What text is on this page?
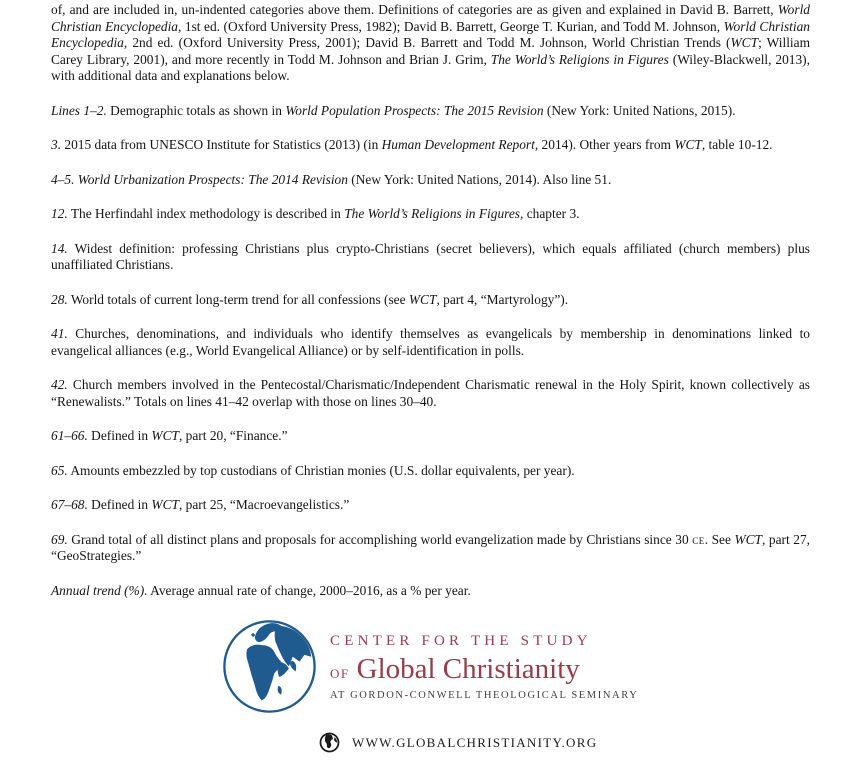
of, and are included in, un-indented categories above them. Definitions of categories are as given and explained in David B. Barrett, World Christian Encyclopedia, 1st ed. (Oxford University Press, 1982); David B. Barrett, George T. Kurian, and Todd M. Johnson, World Christian Encyclopedia, 2nd ed. (Oxford University Press, 2001); David B. Barrett and Todd M. Johnson, World Christian Trends (WCT; William Carey Library, 2001), and more recently in Todd M. Johnson and Brian J. Grim, The World’s Religions in Figures (Wiley-Blackwell, 2013), with additional data and explanations below.

Lines 1–2. Demographic totals as shown in World Population Prospects: The 2015 Revision (New York: United Nations, 2015).

3. 2015 data from UNESCO Institute for Statistics (2013) (in Human Development Report, 2014). Other years from WCT, table 10-12.

4–5. World Urbanization Prospects: The 2014 Revision (New York: United Nations, 2014). Also line 51.

12. The Herfindahl index methodology is described in The World’s Religions in Figures, chapter 3.

14. Widest definition: professing Christians plus crypto-Christians (secret believers), which equals affiliated (church members) plus unaffiliated Christians.

28. World totals of current long-term trend for all confessions (see WCT, part 4, “Martyrology”).

41. Churches, denominations, and individuals who identify themselves as evangelicals by membership in denominations linked to evangelical alliances (e.g., World Evangelical Alliance) or by self-identification in polls.

42. Church members involved in the Pentecostal/Charismatic/Independent Charismatic renewal in the Holy Spirit, known collectively as “Renewalists.” Totals on lines 41–42 overlap with those on lines 30–40.

61–66. Defined in WCT, part 20, “Finance.”

65. Amounts embezzled by top custodians of Christian monies (U.S. dollar equivalents, per year).

67–68. Defined in WCT, part 25, “Macroevangelistics.”

69. Grand total of all distinct plans and proposals for accomplishing world evangelization made by Christians since 30 ce. See WCT, part 27, “GeoStrategies.”

Annual trend (%). Average annual rate of change, 2000–2016, as a % per year.

CENTER FOR THE STUDY
of Global Christianity
AT GORDON-CONWELL THEOLOGICAL SEMINARY
WWW.GLOBALCHRISTIANITY.ORG
